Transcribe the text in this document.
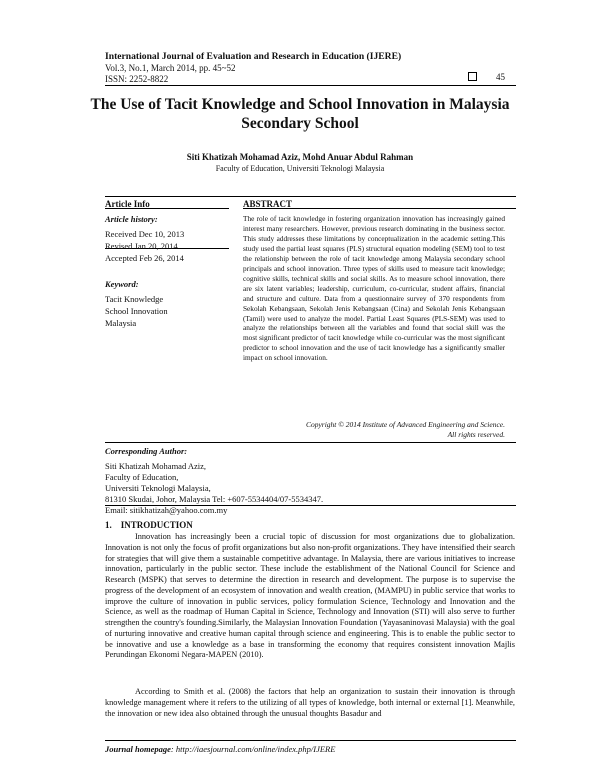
International Journal of Evaluation and Research in Education (IJERE)
Vol.3, No.1, March 2014, pp. 45~52
ISSN: 2252-8822	45
The Use of Tacit Knowledge and School Innovation in Malaysia Secondary School
Siti Khatizah Mohamad Aziz, Mohd Anuar Abdul Rahman
Faculty of Education, Universiti Teknologi Malaysia
Article Info
Article history:
Received Dec 10, 2013
Revised Jan 20, 2014
Accepted Feb 26, 2014
Keyword:
Tacit Knowledge
School Innovation
Malaysia
ABSTRACT
The role of tacit knowledge in fostering organization innovation has increasingly gained interest many researchers. However, previous research dominating in the business sector. This study addresses these limitations by conceptualization in the academic setting.This study used the partial least squares (PLS) structural equation modeling (SEM) tool to test the relationship between the role of tacit knowledge among Malaysia secondary school principals and school innovation. Three types of skills used to measure tacit knowledge; cognitive skills, technical skills and social skills. As to measure school innovation, there are six latent variables; leadership, curriculum, co-curricular, student affairs, financial and structure and culture. Data from a questionnaire survey of 370 respondents from Sekolah Kebangsaan, Sekolah Jenis Kebangsaan (Cina) and Sekolah Jenis Kebangsaan (Tamil) were used to analyze the model. Partial Least Squares (PLS-SEM) was used to analyze the relationships between all the variables and found that social skill was the most significant predictor of tacit knowledge while co-curricular was the most significant predictor to school innovation and the use of tacit knowledge has a significantly smaller impact on school innovation.
Copyright © 2014 Institute of Advanced Engineering and Science.
All rights reserved.
Corresponding Author:
Siti Khatizah Mohamad Aziz,
Faculty of Education,
Universiti Teknologi Malaysia,
81310 Skudai, Johor, Malaysia Tel: +607-5534404/07-5534347.
Email: sitikhatizah@yahoo.com.my
1.    INTRODUCTION
Innovation has increasingly been a crucial topic of discussion for most organizations due to globalization. Innovation is not only the focus of profit organizations but also non-profit organizations. They have intensified their search for strategies that will give them a sustainable competitive advantage. In Malaysia, there are various initiatives to increase innovation, particularly in the public sector. These include the establishment of the National Council for Science and Research (MSPK) that serves to determine the direction in research and development. The purpose is to supervise the progress of the development of an ecosystem of innovation and wealth creation, (MAMPU) in public service that works to improve the culture of innovation in public services, policy formulation Science, Technology and Innovation and the Science, as well as the roadmap of Human Capital in Science, Technology and Innovation (STI) will also serve to further strengthen the country's founding.Similarly, the Malaysian Innovation Foundation (Yayasaninovasi Malaysia) with the goal of nurturing innovative and creative human capital through science and engineering. This is to enable the public sector to be innovative and use a knowledge as a base in transforming the economy that requires consistent innovation Majlis Perundingan Ekonomi Negara-MAPEN (2010).
According to Smith et al. (2008) the factors that help an organization to sustain their innovation is through knowledge management where it refers to the utilizing of all types of knowledge, both internal or external [1]. Meanwhile, the innovation or new idea also obtained through the unusual thoughts Basadur and
Journal homepage: http://iaesjournal.com/online/index.php/IJERE
